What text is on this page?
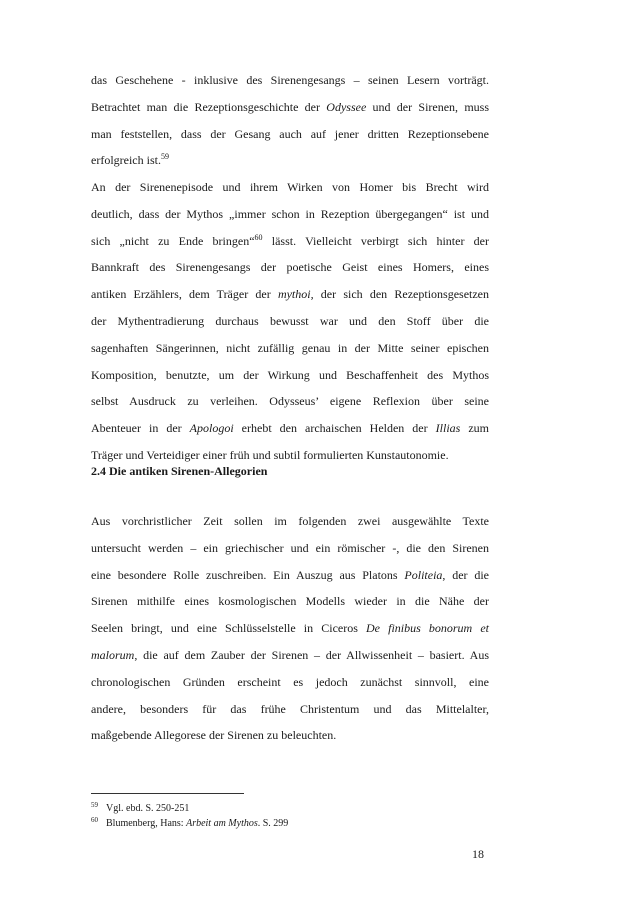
das Geschehene - inklusive des Sirenengesangs – seinen Lesern vorträgt.
Betrachtet man die Rezeptionsgeschichte der Odyssee und der Sirenen, muss
man feststellen, dass der Gesang auch auf jener dritten Rezeptionsebene
erfolgreich ist.$^{59}$
An der Sirenenepisode und ihrem Wirken von Homer bis Brecht wird
deutlich, dass der Mythos „immer schon in Rezeption übergegangen“ ist und
sich „nicht zu Ende bringen“$^{60}$ lässt. Vielleicht verbirgt sich hinter der
Bannkraft des Sirenengesangs der poetische Geist eines Homers, eines
antiken Erzählers, dem Träger der mythoi, der sich den Rezeptionsgesetzen
der Mythentradierung durchaus bewusst war und den Stoff über die
sagenhaften Sängerinnen, nicht zufällig genau in der Mitte seiner epischen
Komposition, benutzte, um der Wirkung und Beschaffenheit des Mythos
selbst Ausdruck zu verleihen. Odysseus’ eigene Reflexion über seine
Abenteuer in der Apologoi erhebt den archaischen Helden der Illias zum
Träger und Verteidiger einer früh und subtil formulierten Kunstautonomie.
2.4 Die antiken Sirenen-Allegorien
Aus vorchristlicher Zeit sollen im folgenden zwei ausgewählte Texte
untersucht werden – ein griechischer und ein römischer -, die den Sirenen
eine besondere Rolle zuschreiben. Ein Auszug aus Platons Politeia, der die
Sirenen mithilfe eines kosmologischen Modells wieder in die Nähe der
Seelen bringt, und eine Schlüsselstelle in Ciceros De finibus bonorum et
malorum, die auf dem Zauber der Sirenen – der Allwissenheit – basiert. Aus
chronologischen Gründen erscheint es jedoch zunächst sinnvoll, eine
andere, besonders für das frühe Christentum und das Mittelalter,
maßgebende Allegorese der Sirenen zu beleuchten.
59 Vgl. ebd. S. 250-251
60 Blumenberg, Hans: Arbeit am Mythos. S. 299
18
